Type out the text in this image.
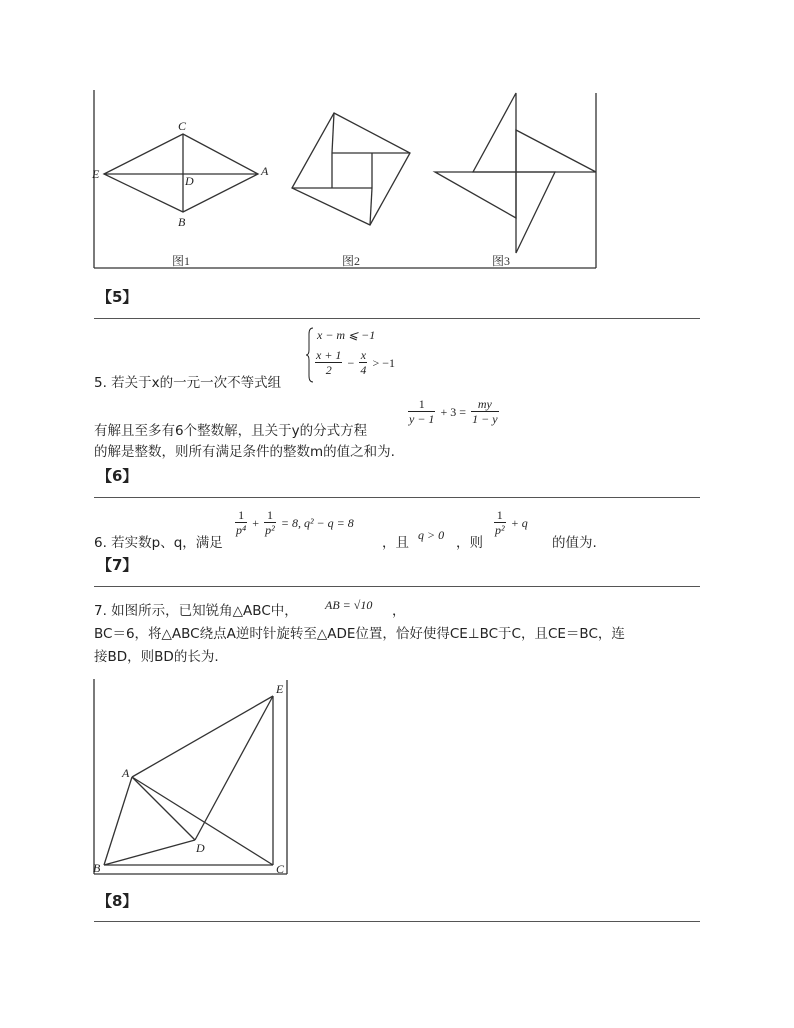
C
E	D
A
B
图1	图2	图3
【5】
x − m ⩽ −1
$\frac{x + 1}{2} - \frac{x}{4} > -1$
5. 若关于x的一元一次不等式组
有解且至多有6个整数解，且关于y的分式方程
$\frac{1}{y - 1} + 3 = \frac{my}{1 - y}$
的解是整数，则所有满足条件的整数m的值之和为.
【6】
6. 若实数p、q，满足
$\frac{1}{\text{p⁴}} + \frac{1}{\text{p²}} = 8$, q² − q = 8
，且 q > 0 ，则
$\frac{1}{\text{p²}} + q$
的值为.
【7】
7. 如图所示，已知锐角△ABC中， AB = √10 ，
BC＝6，将△ABC绕点A逆时针旋转至△ADE位置，恰好使得CE⊥BC于C，且CE＝BC，连
接BD，则BD的长为.
E
A
D
B	C
【8】
